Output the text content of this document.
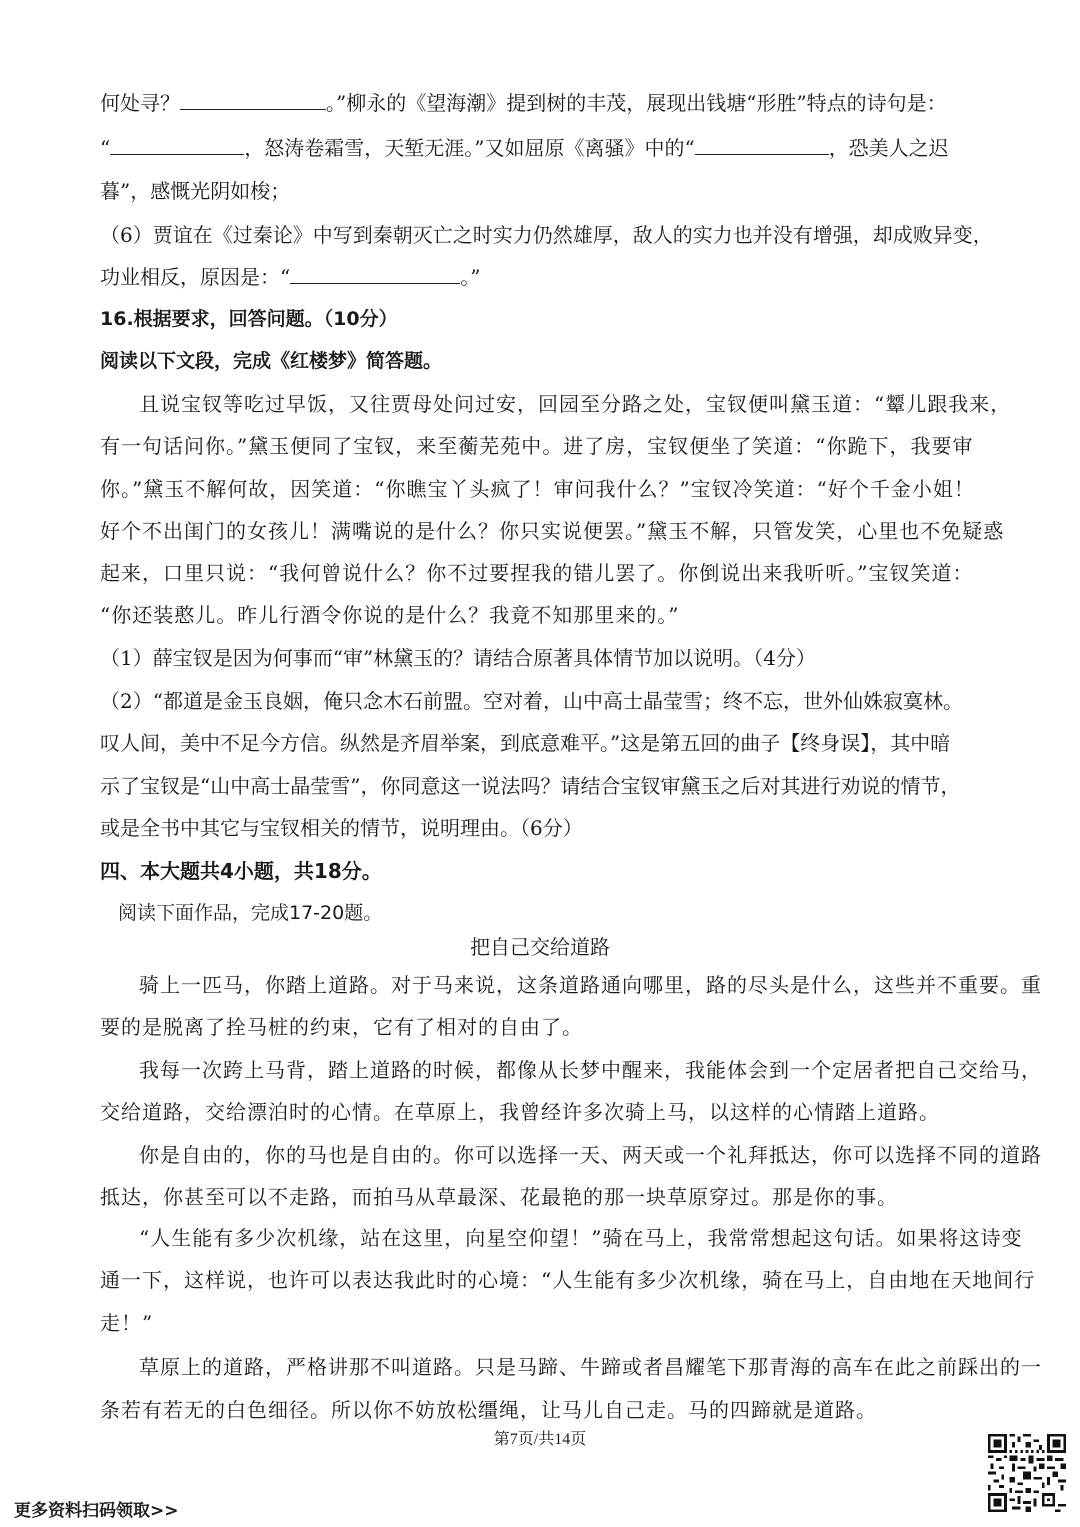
何处寻？	。”柳永的《望海潮》提到树的丰茂，展现出钱塘“形胜”特点的诗句是：
“	，怒涛卷霜雪，天堑无涯。”又如屈原《离骚》中的“	，恐美人之迟
暮”，感慨光阴如梭；
（6）贾谊在《过秦论》中写到秦朝灭亡之时实力仍然雄厚，敌人的实力也并没有增强，却成败异变，
功业相反，原因是：“	。”
16.根据要求，回答问题。（10分）
阅读以下文段，完成《红楼梦》简答题。
　且说宝钗等吃过早饭，又往贾母处问过安，回园至分路之处，宝钗便叫黛玉道：“颦儿跟我来，
有一句话问你。”黛玉便同了宝钗，来至蘅芜苑中。进了房，宝钗便坐了笑道：“你跪下，我要审
你。”黛玉不解何故，因笑道：“你瞧宝丫头疯了！审问我什么？”宝钗冷笑道：“好个千金小姐！
好个不出闺门的女孩儿！满嘴说的是什么？你只实说便罢。”黛玉不解，只管发笑，心里也不免疑惑
起来，口里只说：“我何曾说什么？你不过要捏我的错儿罢了。你倒说出来我听听。”宝钗笑道：
“你还装憨儿。昨儿行酒令你说的是什么？我竟不知那里来的。”
（1）薛宝钗是因为何事而“审”林黛玉的？请结合原著具体情节加以说明。（4分）
（2）“都道是金玉良姻，俺只念木石前盟。空对着，山中高士晶莹雪；终不忘，世外仙姝寂寞林。
叹人间，美中不足今方信。纵然是齐眉举案，到底意难平。”这是第五回的曲子【终身误】，其中暗
示了宝钗是“山中高士晶莹雪”，你同意这一说法吗？请结合宝钗审黛玉之后对其进行劝说的情节，
或是全书中其它与宝钗相关的情节，说明理由。（6分）
四、本大题共4小题，共18分。
阅读下面作品，完成17-20题。
把自己交给道路
　骑上一匹马，你踏上道路。对于马来说，这条道路通向哪里，路的尽头是什么，这些并不重要。重
要的是脱离了拴马桩的约束，它有了相对的自由了。
　我每一次跨上马背，踏上道路的时候，都像从长梦中醒来，我能体会到一个定居者把自己交给马，
交给道路，交给漂泊时的心情。在草原上，我曾经许多次骑上马，以这样的心情踏上道路。
　你是自由的，你的马也是自由的。你可以选择一天、两天或一个礼拜抵达，你可以选择不同的道路
抵达，你甚至可以不走路，而拍马从草最深、花最艳的那一块草原穿过。那是你的事。
　“人生能有多少次机缘，站在这里，向星空仰望！”骑在马上，我常常想起这句话。如果将这诗变
通一下，这样说，也许可以表达我此时的心境：“人生能有多少次机缘，骑在马上，自由地在天地间行
走！”
　草原上的道路，严格讲那不叫道路。只是马蹄、牛蹄或者昌耀笔下那青海的高车在此之前踩出的一
条若有若无的白色细径。所以你不妨放松缰绳，让马儿自己走。马的四蹄就是道路。
第7页/共14页
更多资料扫码领取>>
